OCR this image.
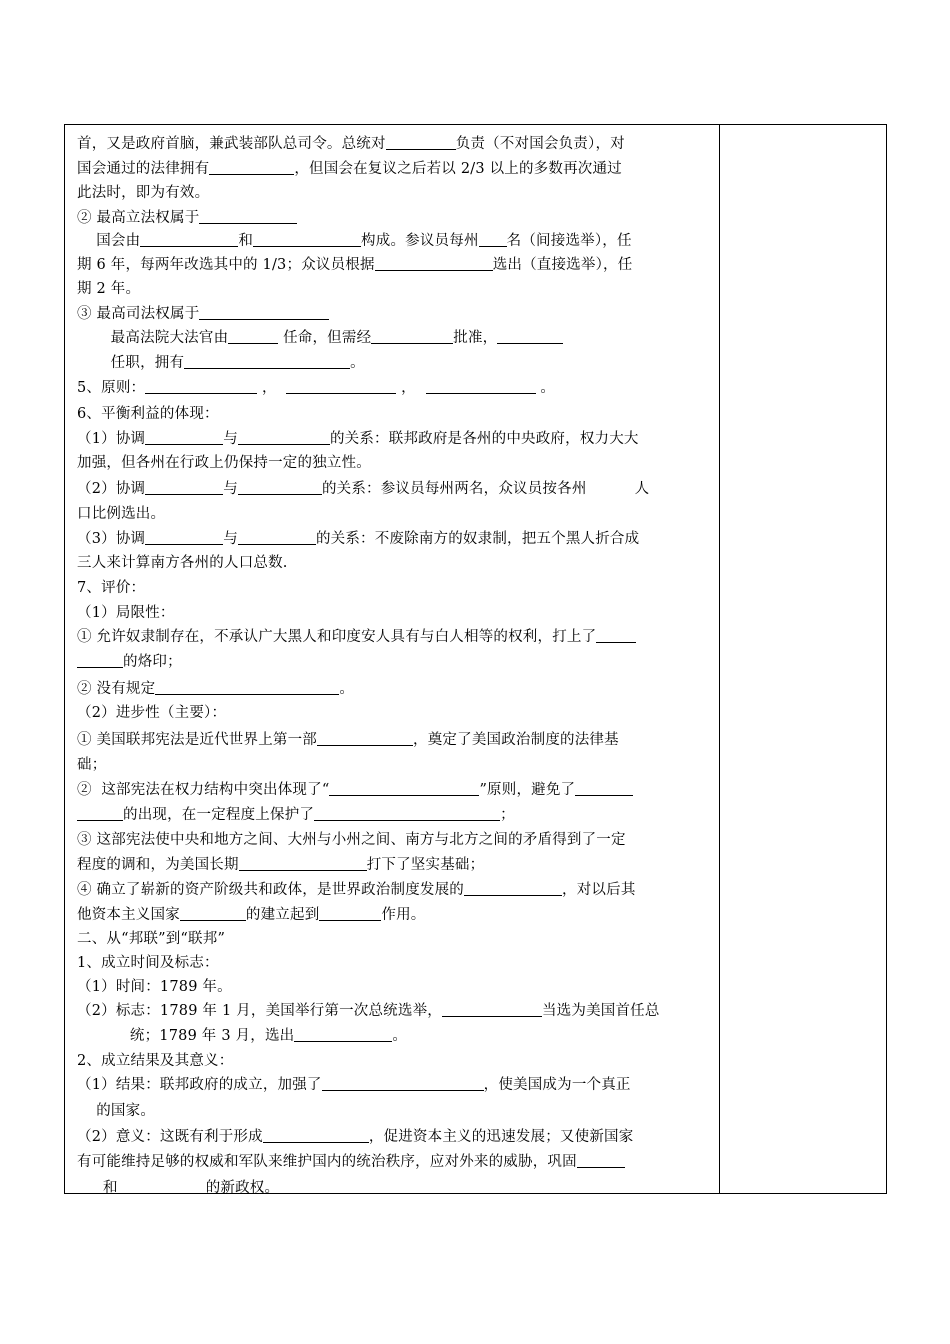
首，又是政府首脑，兼武装部队总司令。总统对	负责（不对国会负责），对
国会通过的法律拥有	，但国会在复议之后若以 2/3 以上的多数再次通过
此法时，即为有效。
② 最高立法权属于
国会由	和	构成。参议员每州 名（间接选举），任
期 6 年，每两年改选其中的 1/3；众议员根据	选出（直接选举），任
期 2 年。
③ 最高司法权属于
最高法院大法官由	任命，但需经	批准，
任职，拥有	。
5、原则：	，	，	。
6、平衡利益的体现：
（1）协调	与	的关系：联邦政府是各州的中央政府，权力大大
加强，但各州在行政上仍保持一定的独立性。
（2）协调	与	的关系：参议员每州两名，众议员按各州          人
口比例选出。
（3）协调	与	的关系：不废除南方的奴隶制，把五个黑人折合成
三人来计算南方各州的人口总数.
7、评价：
（1）局限性：
① 允许奴隶制存在，不承认广大黑人和印度安人具有与白人相等的权利，打上了
的烙印；
② 没有规定	。
（2）进步性（主要）：
① 美国联邦宪法是近代世界上第一部	，奠定了美国政治制度的法律基
础；
②  这部宪法在权力结构中突出体现了“	”原则，避免了
的出现，在一定程度上保护了	；
③ 这部宪法使中央和地方之间、大州与小州之间、南方与北方之间的矛盾得到了一定
程度的调和，为美国长期	打下了坚实基础；
④ 确立了崭新的资产阶级共和政体，是世界政治制度发展的	，对以后其
他资本主义国家	的建立起到	作用。
二、从“邦联”到“联邦”
1、成立时间及标志：
（1）时间：1789 年。
（2）标志：1789 年 1 月，美国举行第一次总统选举，	当选为美国首任总
统；1789 年 3 月，选出	。
2、成立结果及其意义：
（1）结果：联邦政府的成立，加强了	，使美国成为一个真正
的国家。
（2）意义：这既有利于形成	，促进资本主义的迅速发展；又使新国家
有可能维持足够的权威和军队来维护国内的统治秩序，应对外来的威胁，巩固
和	的新政权。
